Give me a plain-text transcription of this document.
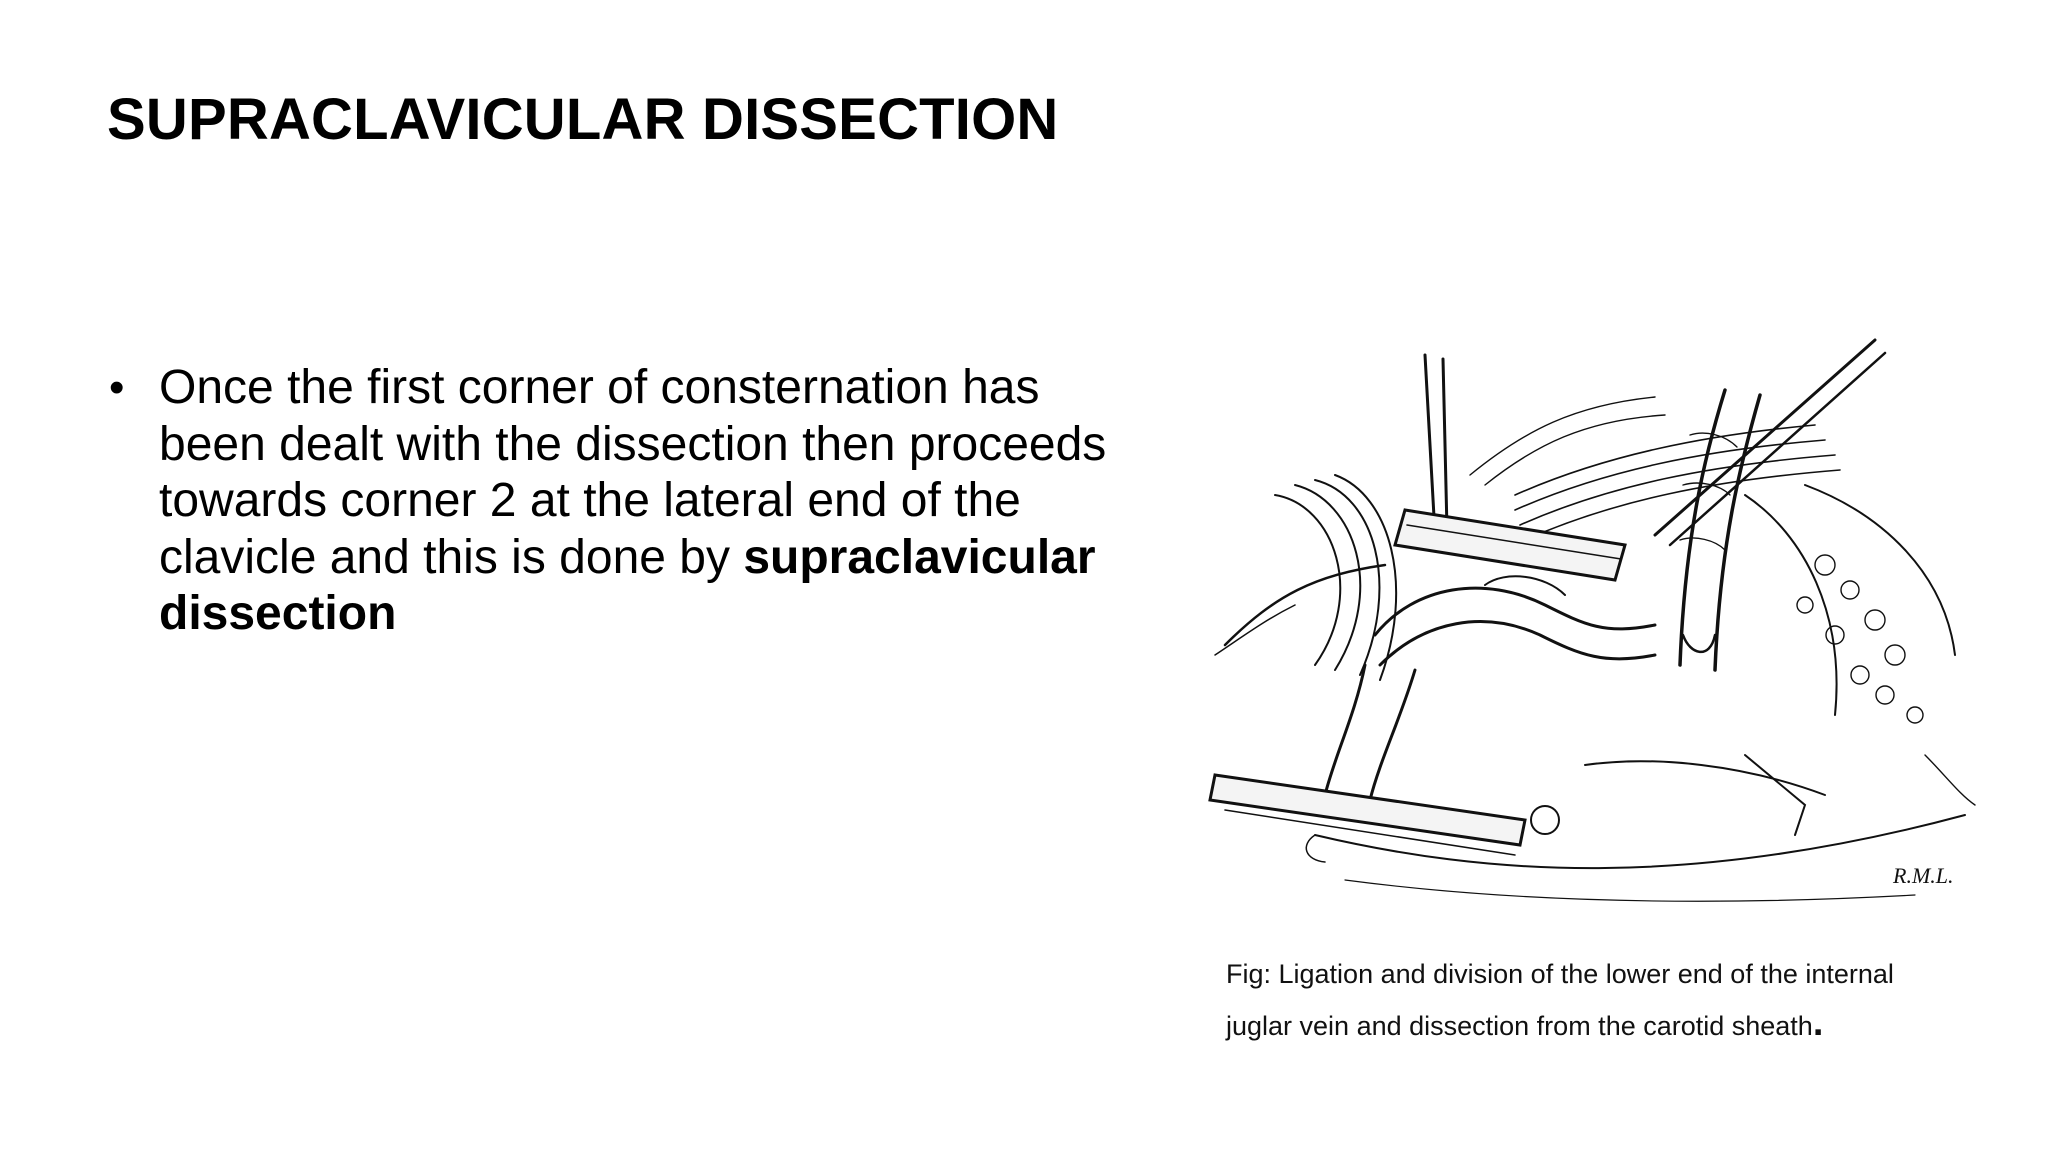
SUPRACLAVICULAR DISSECTION
• Once the first corner of consternation has been dealt with the dissection then proceeds towards corner 2 at the lateral end of the clavicle and this is done by supraclavicular dissection
R.M.L.
Fig: Ligation and division of the lower end of the internal
juglar vein and dissection from the carotid sheath.
